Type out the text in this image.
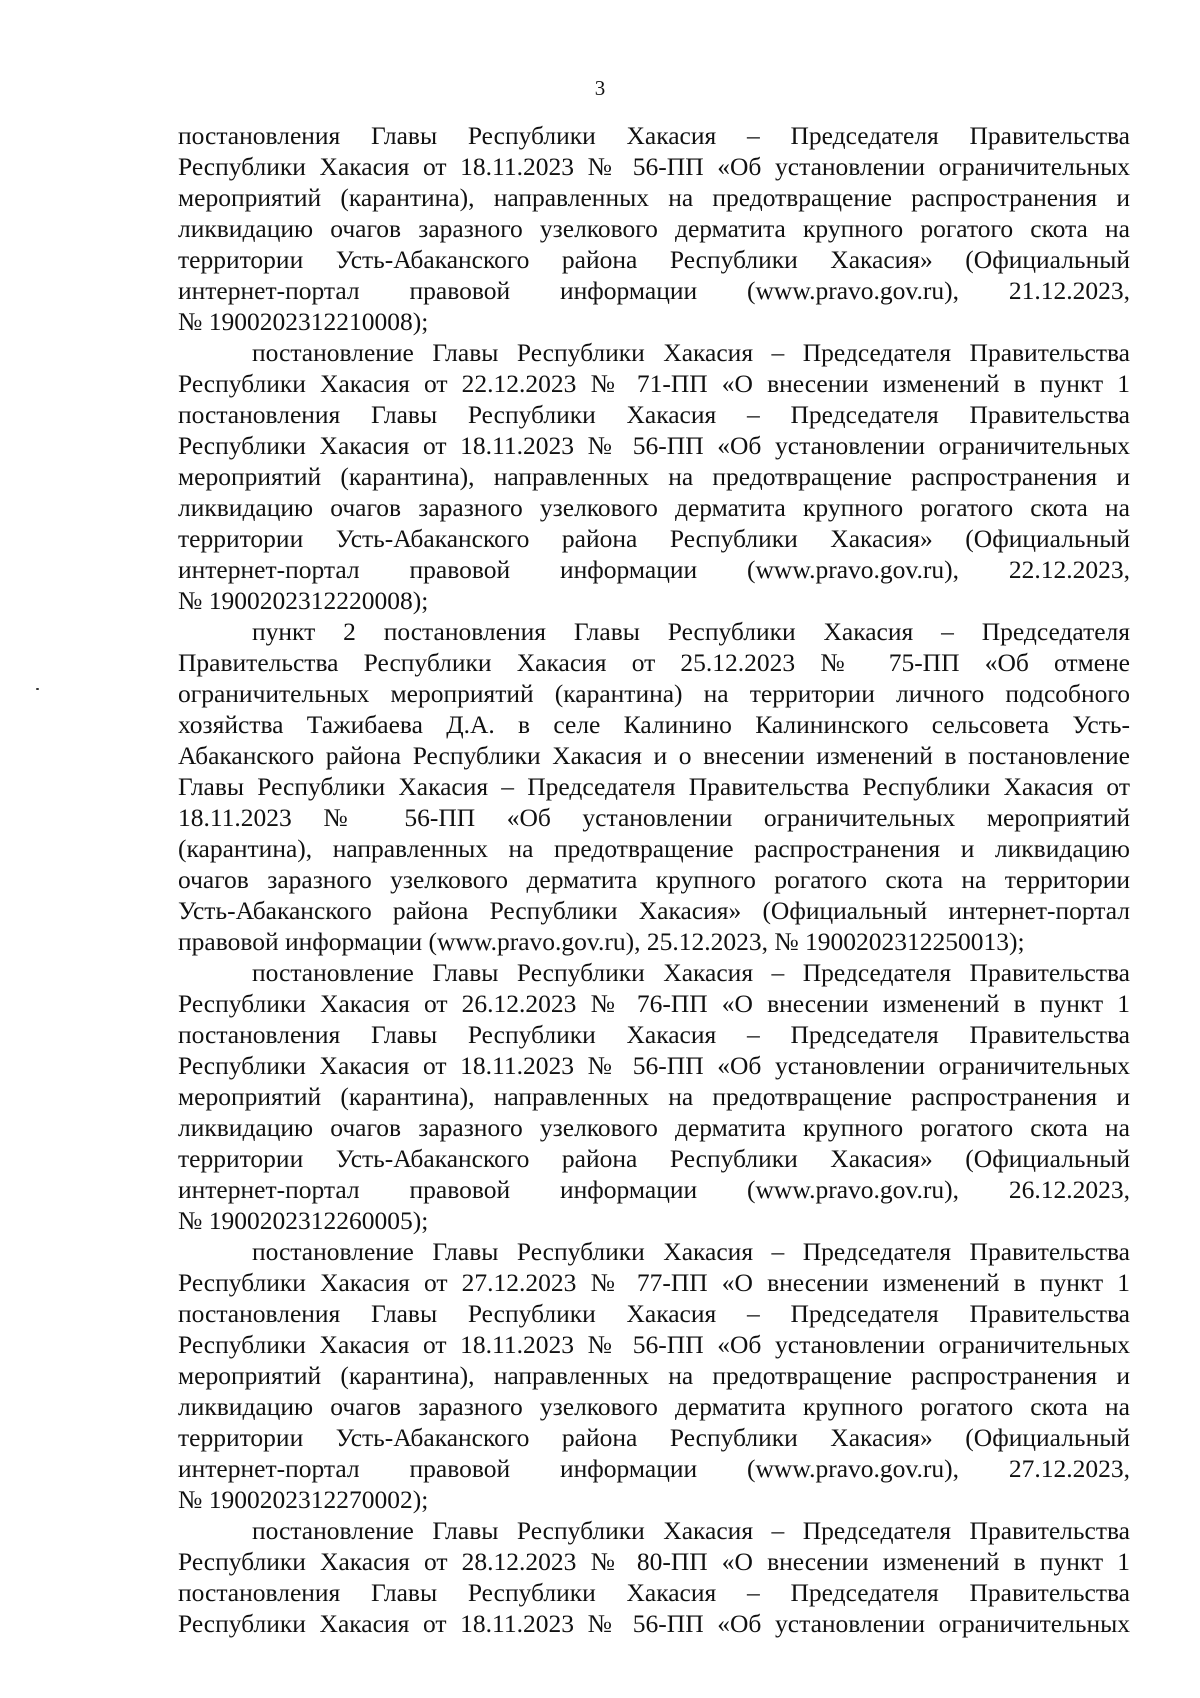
3
постановления Главы Республики Хакасия – Председателя Правительства
Республики Хакасия от 18.11.2023 № 56-ПП «Об установлении ограничительных
мероприятий (карантина), направленных на предотвращение распространения и
ликвидацию очагов заразного узелкового дерматита крупного рогатого скота на
территории Усть-Абаканского района Республики Хакасия» (Официальный
интернет-портал правовой информации (www.pravo.gov.ru), 21.12.2023,
№ 1900202312210008);
постановление Главы Республики Хакасия – Председателя Правительства
Республики Хакасия от 22.12.2023 № 71-ПП «О внесении изменений в пункт 1
постановления Главы Республики Хакасия – Председателя Правительства
Республики Хакасия от 18.11.2023 № 56-ПП «Об установлении ограничительных
мероприятий (карантина), направленных на предотвращение распространения и
ликвидацию очагов заразного узелкового дерматита крупного рогатого скота на
территории Усть-Абаканского района Республики Хакасия» (Официальный
интернет-портал правовой информации (www.pravo.gov.ru), 22.12.2023,
№ 1900202312220008);
пункт 2 постановления Главы Республики Хакасия – Председателя
Правительства Республики Хакасия от 25.12.2023 № 75-ПП «Об отмене
ограничительных мероприятий (карантина) на территории личного подсобного
хозяйства Тажибаева Д.А. в селе Калинино Калининского сельсовета Усть-
Абаканского района Республики Хакасия и о внесении изменений в постановление
Главы Республики Хакасия – Председателя Правительства Республики Хакасия от
18.11.2023 № 56-ПП «Об установлении ограничительных мероприятий
(карантина), направленных на предотвращение распространения и ликвидацию
очагов заразного узелкового дерматита крупного рогатого скота на территории
Усть-Абаканского района Республики Хакасия» (Официальный интернет-портал
правовой информации (www.pravo.gov.ru), 25.12.2023, № 1900202312250013);
постановление Главы Республики Хакасия – Председателя Правительства
Республики Хакасия от 26.12.2023 № 76-ПП «О внесении изменений в пункт 1
постановления Главы Республики Хакасия – Председателя Правительства
Республики Хакасия от 18.11.2023 № 56-ПП «Об установлении ограничительных
мероприятий (карантина), направленных на предотвращение распространения и
ликвидацию очагов заразного узелкового дерматита крупного рогатого скота на
территории Усть-Абаканского района Республики Хакасия» (Официальный
интернет-портал правовой информации (www.pravo.gov.ru), 26.12.2023,
№ 1900202312260005);
постановление Главы Республики Хакасия – Председателя Правительства
Республики Хакасия от 27.12.2023 № 77-ПП «О внесении изменений в пункт 1
постановления Главы Республики Хакасия – Председателя Правительства
Республики Хакасия от 18.11.2023 № 56-ПП «Об установлении ограничительных
мероприятий (карантина), направленных на предотвращение распространения и
ликвидацию очагов заразного узелкового дерматита крупного рогатого скота на
территории Усть-Абаканского района Республики Хакасия» (Официальный
интернет-портал правовой информации (www.pravo.gov.ru), 27.12.2023,
№ 1900202312270002);
постановление Главы Республики Хакасия – Председателя Правительства
Республики Хакасия от 28.12.2023 № 80-ПП «О внесении изменений в пункт 1
постановления Главы Республики Хакасия – Председателя Правительства
Республики Хакасия от 18.11.2023 № 56-ПП «Об установлении ограничительных
